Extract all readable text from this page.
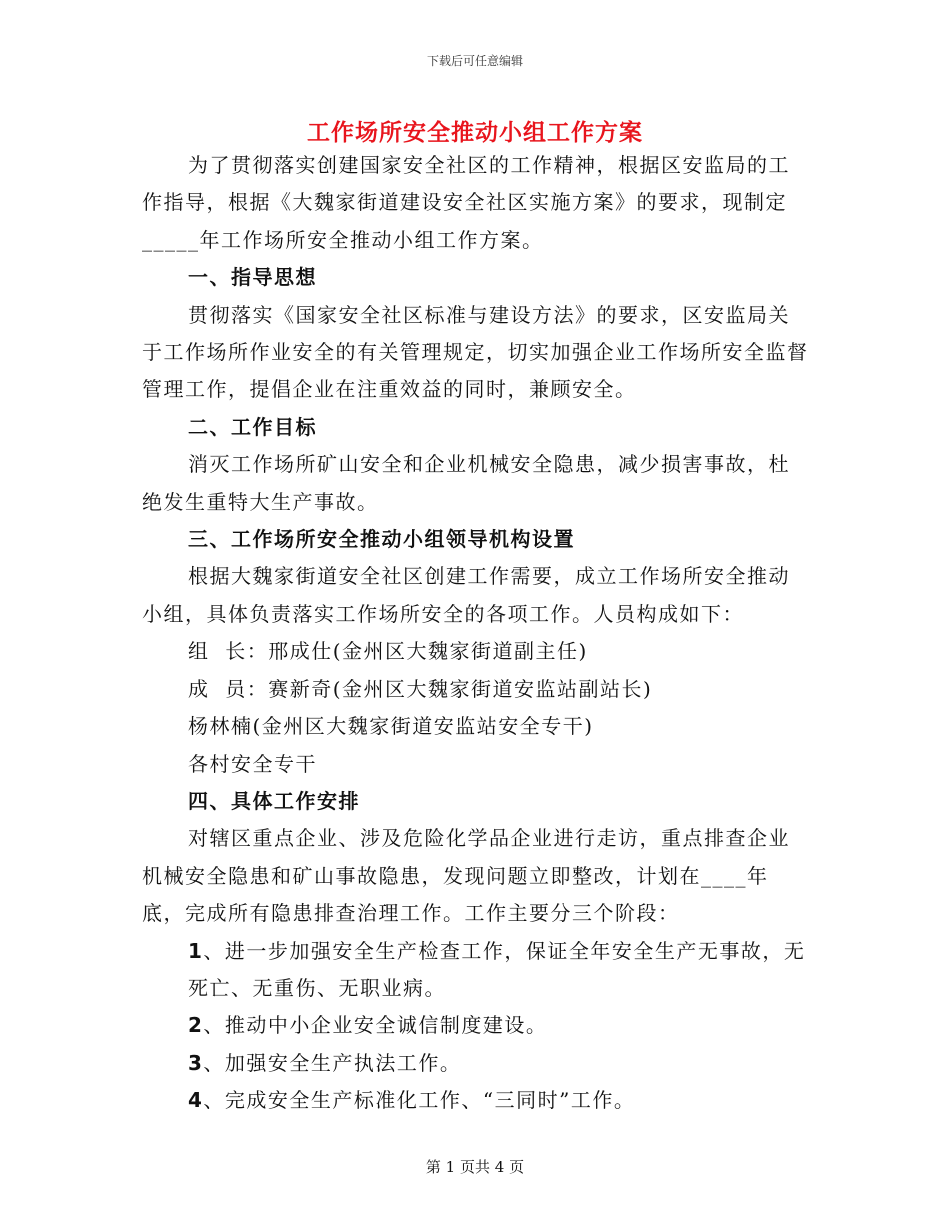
下载后可任意编辑
工作场所安全推动小组工作方案

为了贯彻落实创建国家安全社区的工作精神，根据区安监局的工作指导，根据《大魏家街道建设安全社区实施方案》的要求，现制定_____年工作场所安全推动小组工作方案。

一、指导思想

贯彻落实《国家安全社区标准与建设方法》的要求，区安监局关于工作场所作业安全的有关管理规定，切实加强企业工作场所安全监督管理工作，提倡企业在注重效益的同时，兼顾安全。

二、工作目标

消灭工作场所矿山安全和企业机械安全隐患，减少损害事故，杜绝发生重特大生产事故。

三、工作场所安全推动小组领导机构设置

根据大魏家街道安全社区创建工作需要，成立工作场所安全推动小组，具体负责落实工作场所安全的各项工作。人员构成如下：

组  长：邢成仕(金州区大魏家街道副主任)

成  员：赛新奇(金州区大魏家街道安监站副站长)

杨林楠(金州区大魏家街道安监站安全专干)

各村安全专干

四、具体工作安排

对辖区重点企业、涉及危险化学品企业进行走访，重点排查企业机械安全隐患和矿山事故隐患，发现问题立即整改，计划在____年底，完成所有隐患排查治理工作。工作主要分三个阶段：

1、进一步加强安全生产检查工作，保证全年安全生产无事故，无死亡、无重伤、无职业病。

2、推动中小企业安全诚信制度建设。

3、加强安全生产执法工作。

4、完成安全生产标准化工作、“三同时”工作。

第 1 页共 4 页
